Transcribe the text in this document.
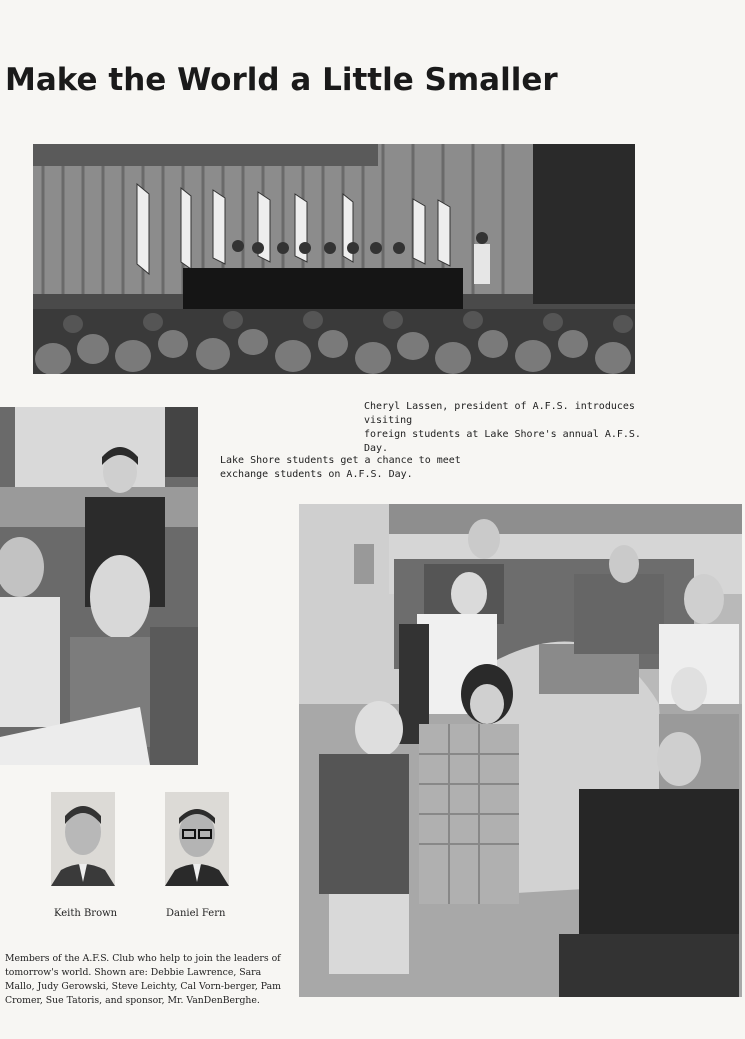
Make the World a Little Smaller

Cheryl Lassen, president of A.F.S. introduces visiting

foreign students at Lake Shore's annual A.F.S. Day.

Lake Shore students get a chance to meet

exchange students on A.F.S. Day.

Keith Brown	Daniel Fern
Members of the A.F.S. Club who help to join the leaders of tomorrow's world. Shown are: Debbie Lawrence, Sara Mallo, Judy Gerowski, Steve Leichty, Cal Vorn-berger, Pam Cromer, Sue Tatoris, and sponsor, Mr. VanDenBerghe.
